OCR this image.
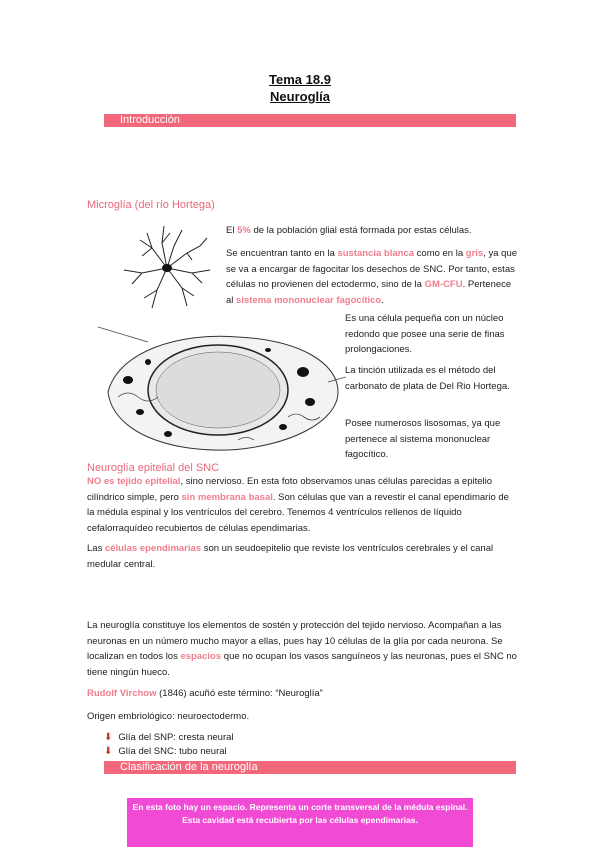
Tema 18.9
Neuroglía
Introducción
Microglía (del río Hortega)
El 5% de la población glial está formada por estas células.
Se encuentran tanto en la sustancia blanca como en la gris, ya que se va a encargar de fagocitar los desechos de SNC. Por tanto, estas células no provienen del ectodermo, sino de la GM-CFU. Pertenece al sistema mononuclear fagocítico.
Es una célula pequeña con un núcleo redondo que posee una serie de finas prolongaciones.
La tinción utilizada es el método del carbonato de plata de Del Rio Hortega.
Posee numerosos lisosomas, ya que pertenece al sistema mononuclear fagocítico.
Neuroglía epitelial del SNC
NO es tejido epitelial, sino nervioso. En esta foto observamos unas células parecidas a epitelio cilíndrico simple, pero sin membrana basal. Son células que van a revestir el canal ependimario de la médula espinal y los ventrículos del cerebro. Tenemos 4 ventrículos rellenos de líquido cefalorraquídeo recubiertos de células ependimarias.
Las células ependimarias son un seudoepitelio que reviste los ventrículos cerebrales y el canal medular central.
La neuroglía constituye los elementos de sostén y protección del tejido nervioso. Acompañan a las neuronas en un número mucho mayor a ellas, pues hay 10 células de la glía por cada neurona. Se localizan en todos los espacios que no ocupan los vasos sanguíneos y las neuronas, pues el SNC no tiene ningún hueco.
Rudolf Virchow (1846) acuñó este término: “Neuroglía”
Origen embriológico: neuroectodermo.
⬇ Glía del SNP: cresta neural
⬇ Glía del SNC: tubo neural
Clasificación de la neuroglía
En esta foto hay un espacio. Representa un corte transversal de la médula espinal. Esta cavidad está recubierta por las células ependimarias.
